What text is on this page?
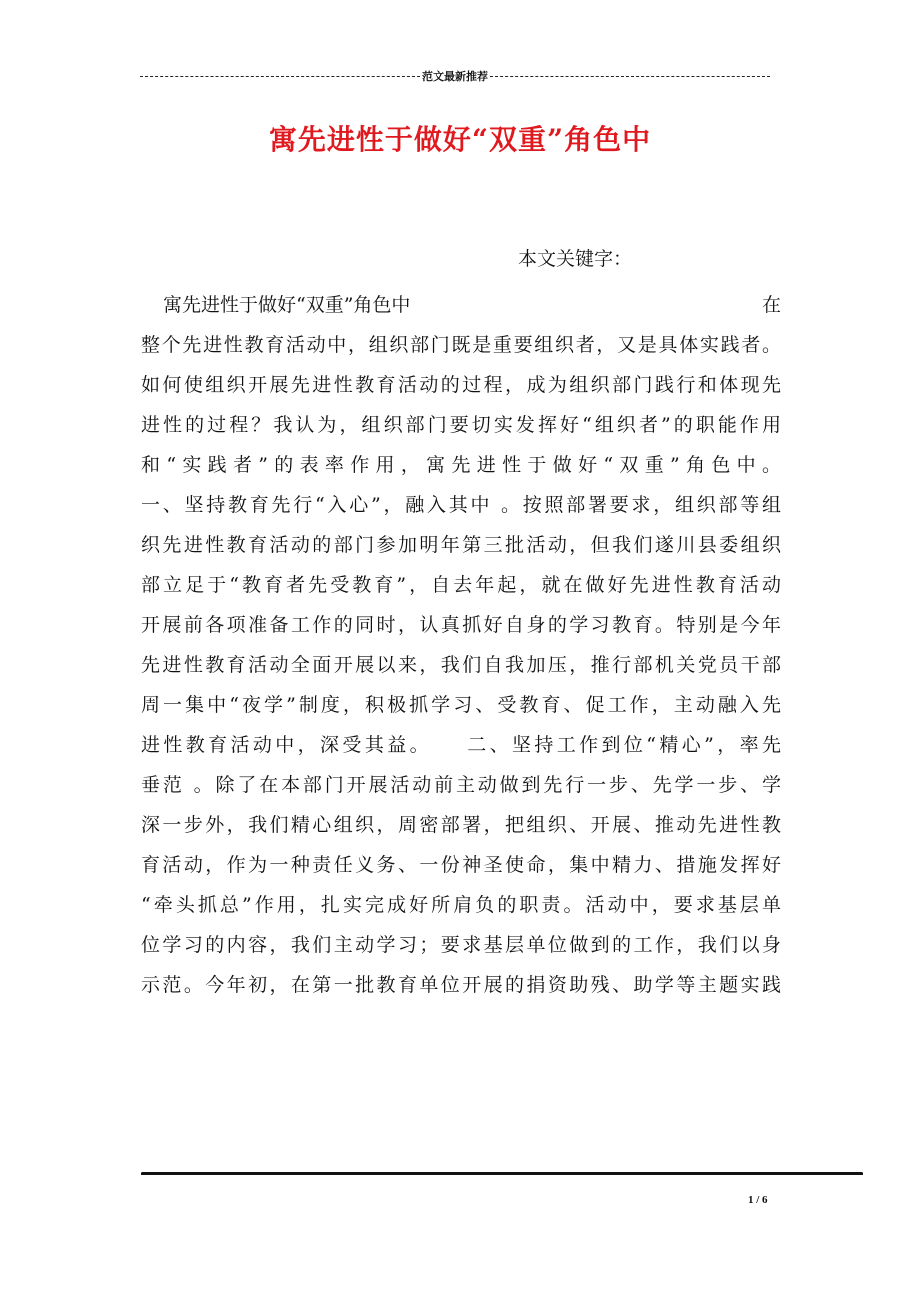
范文最新推荐
寓先进性于做好“双重”角色中
本文关键字：
寓先进性于做好“双重”角色中	在
整个先进性教育活动中，组织部门既是重要组织者，又是具体实践者。
如何使组织开展先进性教育活动的过程，成为组织部门践行和体现先
进性的过程？我认为，组织部门要切实发挥好“组织者”的职能作用
和“实践者”的表率作用，寓先进性于做好“双重”角色中。
一、坚持教育先行“入心”，融入其中 。按照部署要求，组织部等组
织先进性教育活动的部门参加明年第三批活动，但我们遂川县委组织
部立足于“教育者先受教育”，自去年起，就在做好先进性教育活动
开展前各项准备工作的同时，认真抓好自身的学习教育。特别是今年
先进性教育活动全面开展以来，我们自我加压，推行部机关党员干部
周一集中“夜学”制度，积极抓学习、受教育、促工作，主动融入先
进性教育活动中，深受其益。　　二、坚持工作到位“精心”，率先
垂范 。除了在本部门开展活动前主动做到先行一步、先学一步、学
深一步外，我们精心组织，周密部署，把组织、开展、推动先进性教
育活动，作为一种责任义务、一份神圣使命，集中精力、措施发挥好
“牵头抓总”作用，扎实完成好所肩负的职责。活动中，要求基层单
位学习的内容，我们主动学习；要求基层单位做到的工作，我们以身
示范。今年初，在第一批教育单位开展的捐资助残、助学等主题实践
1 / 6
